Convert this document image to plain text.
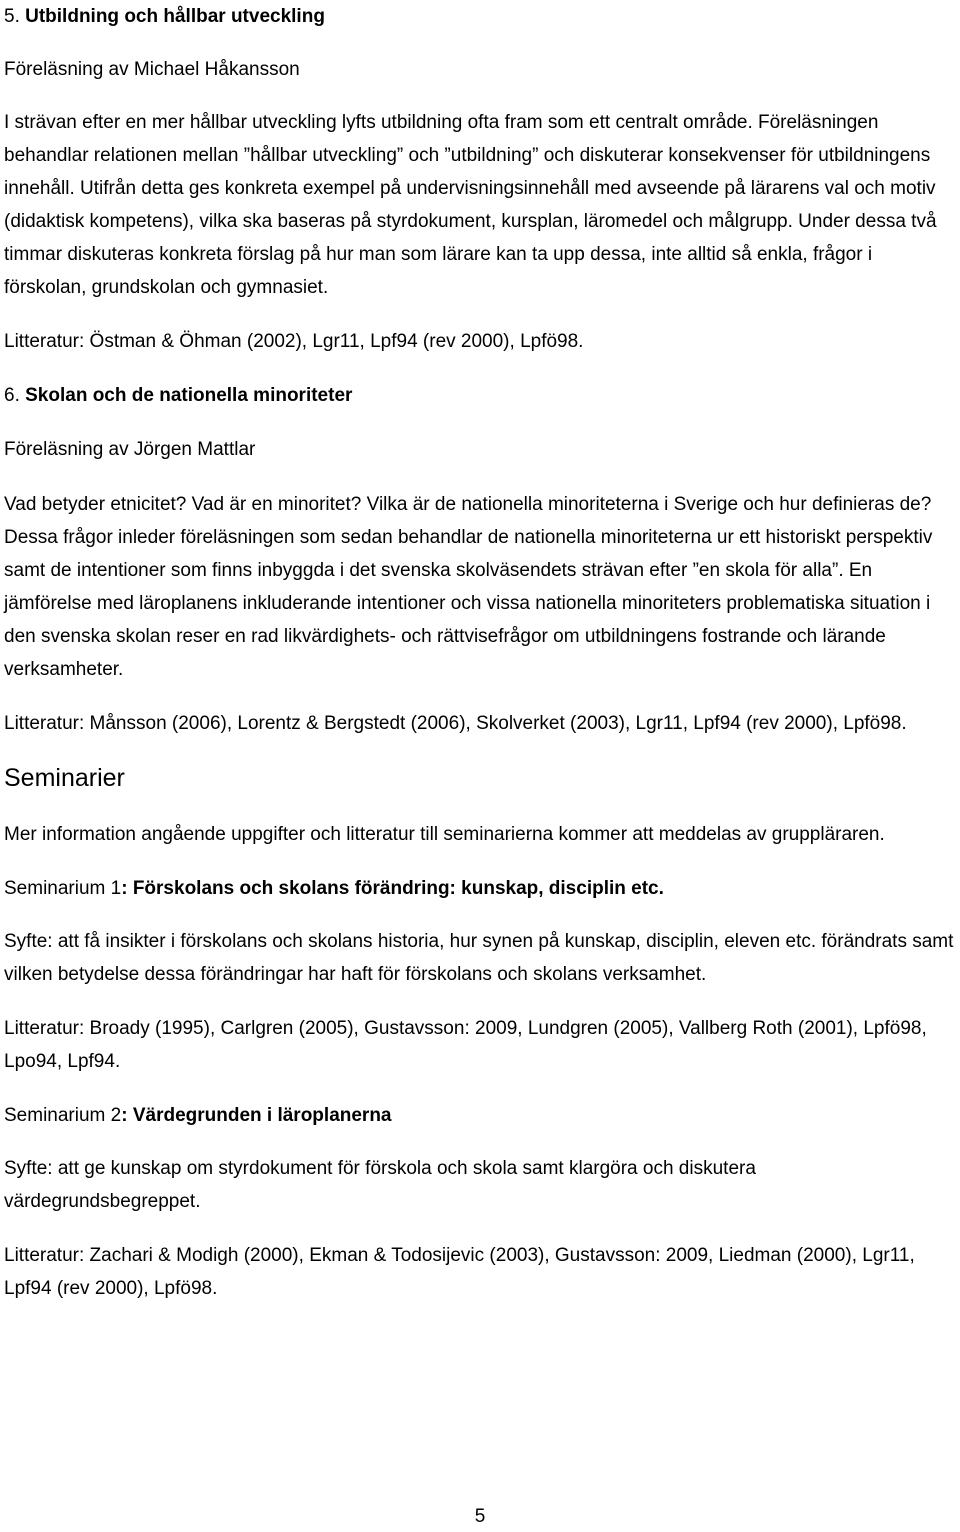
5. Utbildning och hållbar utveckling

Föreläsning av Michael Håkansson

I strävan efter en mer hållbar utveckling lyfts utbildning ofta fram som ett centralt område. Föreläsningen behandlar relationen mellan ”hållbar utveckling” och ”utbildning” och diskuterar konsekvenser för utbildningens innehåll. Utifrån detta ges konkreta exempel på undervisningsinnehåll med avseende på lärarens val och motiv (didaktisk kompetens), vilka ska baseras på styrdokument, kursplan, läromedel och målgrupp. Under dessa två timmar diskuteras konkreta förslag på hur man som lärare kan ta upp dessa, inte alltid så enkla, frågor i förskolan, grundskolan och gymnasiet.

Litteratur: Östman & Öhman (2002), Lgr11, Lpf94 (rev 2000), Lpfö98.

6. Skolan och de nationella minoriteter

Föreläsning av Jörgen Mattlar

Vad betyder etnicitet? Vad är en minoritet? Vilka är de nationella minoriteterna i Sverige och hur definieras de? Dessa frågor inleder föreläsningen som sedan behandlar de nationella minoriteterna ur ett historiskt perspektiv samt de intentioner som finns inbyggda i det svenska skolväsendets strävan efter ”en skola för alla”. En jämförelse med läroplanens inkluderande intentioner och vissa nationella minoriteters problematiska situation i den svenska skolan reser en rad likvärdighets- och rättvisefrågor om utbildningens fostrande och lärande verksamheter.

Litteratur: Månsson (2006), Lorentz & Bergstedt (2006), Skolverket (2003), Lgr11, Lpf94 (rev 2000), Lpfö98.

Seminarier

Mer information angående uppgifter och litteratur till seminarierna kommer att meddelas av gruppläraren.

Seminarium 1: Förskolans och skolans förändring: kunskap, disciplin etc.

Syfte: att få insikter i förskolans och skolans historia, hur synen på kunskap, disciplin, eleven etc. förändrats samt vilken betydelse dessa förändringar har haft för förskolans och skolans verksamhet.

Litteratur: Broady (1995), Carlgren (2005), Gustavsson: 2009, Lundgren (2005), Vallberg Roth (2001), Lpfö98, Lpo94, Lpf94.

Seminarium 2: Värdegrunden i läroplanerna

Syfte: att ge kunskap om styrdokument för förskola och skola samt klargöra och diskutera värdegrundsbegreppet.

Litteratur: Zachari & Modigh (2000), Ekman & Todosijevic (2003), Gustavsson: 2009, Liedman (2000), Lgr11, Lpf94 (rev 2000), Lpfö98.

5
